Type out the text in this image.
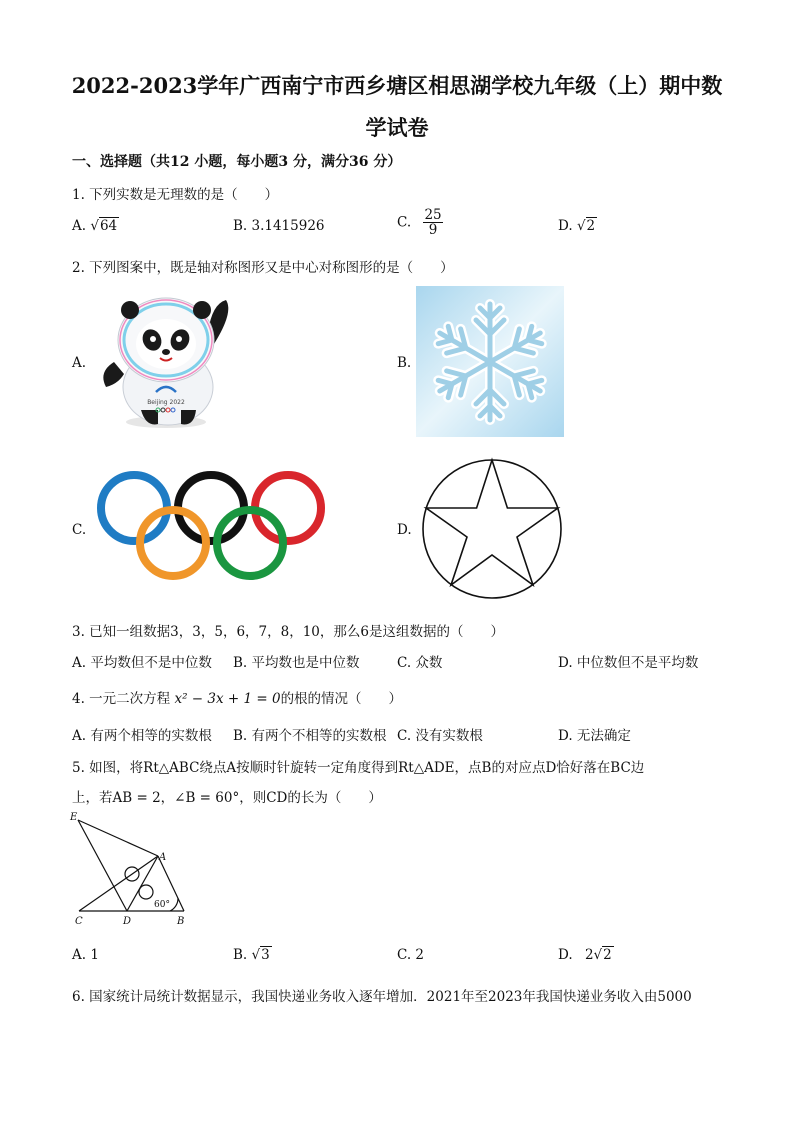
2022-2023学年广西南宁市西乡塘区相思湖学校九年级（上）期中数
学试卷
一、选择题（共12 小题，每小题3 分，满分36 分）
1. 下列实数是无理数的是（　　）
A. √64	B. 3.1415926	C. $\frac{25}{9}$	D. √2
2. 下列图案中，既是轴对称图形又是中心对称图形的是（　　）
A.
Beijing 2022
B.
C.	D.
3. 已知一组数据3，3，5，6，7，8，10，那么6是这组数据的（　　）
A. 平均数但不是中位数 B. 平均数也是中位数	C. 众数	D. 中位数但不是平均数
4. 一元二次方程 x² − 3x + 1 = 0的根的情况（　　）
A. 有两个相等的实数根 B. 有两个不相等的实数根 C. 没有实数根	D. 无法确定
5. 如图，将Rt△ABC绕点A按顺时针旋转一定角度得到Rt△ADE，点B的对应点D恰好落在BC边
上，若AB = 2，∠B = 60°，则CD的长为（　　）
E
A
C	D	B
60°
A. 1	B. √3	C. 2	D. 2√2
6. 国家统计局统计数据显示，我国快递业务收入逐年增加．2021年至2023年我国快递业务收入由5000
